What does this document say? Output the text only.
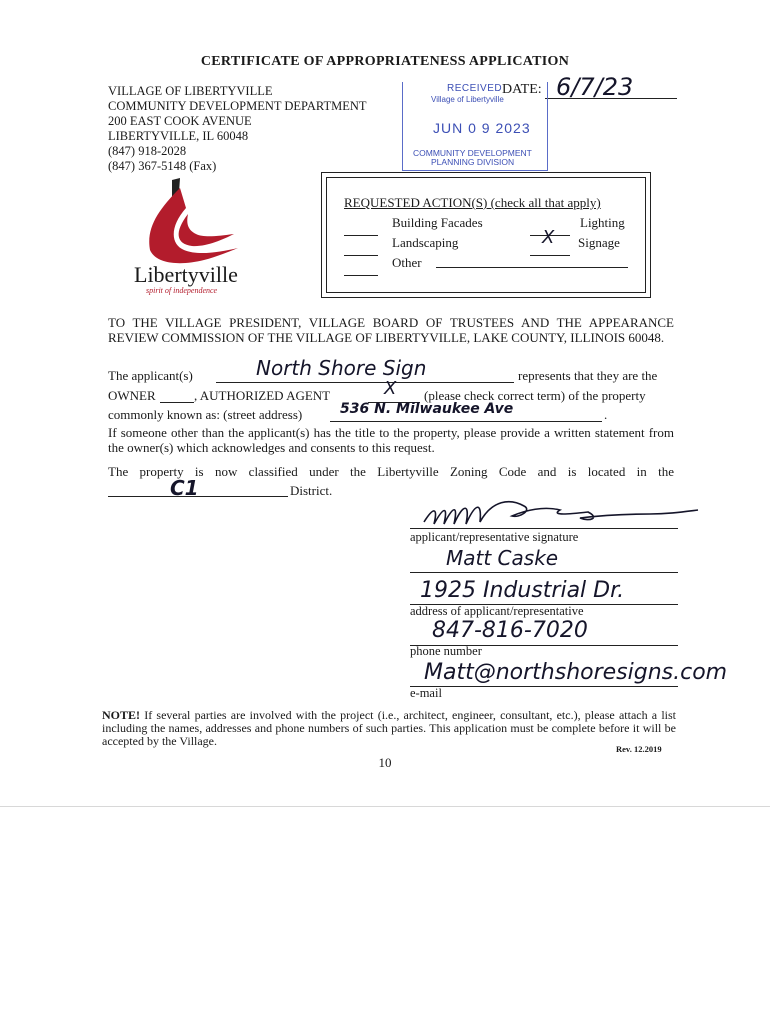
CERTIFICATE OF APPROPRIATENESS APPLICATION
VILLAGE OF LIBERTYVILLE
COMMUNITY DEVELOPMENT DEPARTMENT
200 EAST COOK AVENUE
LIBERTYVILLE, IL 60048
(847) 918-2028
(847) 367-5148 (Fax)
DATE: 6/7/23
RECEIVED
Village of Libertyville
JUN 0 9 2023
COMMUNITY DEVELOPMENT
PLANNING DIVISION
Libertyville
spirit of independence
REQUESTED ACTION(S) (check all that apply)
Building Facades	Lighting
Landscaping	X Signage
Other
TO THE VILLAGE PRESIDENT, VILLAGE BOARD OF TRUSTEES AND THE APPEARANCE REVIEW COMMISSION OF THE VILLAGE OF LIBERTYVILLE, LAKE COUNTY, ILLINOIS 60048.
The applicant(s)	North Shore Sign	represents that they are the
OWNER	, AUTHORIZED AGENT	X (please check correct term) of the property
commonly known as: (street address)	536 N. Milwaukee Ave	.
If someone other than the applicant(s) has the title to the property, please provide a written statement from the owner(s) which acknowledges and consents to this request.
The property is now classified under the Libertyville Zoning Code and is located in the
C1	District.
applicant/representative signature
Matt Caske
1925 Industrial Dr.
address of applicant/representative
847-816-7020
phone number
Matt@northshoresigns.com
e-mail
NOTE! If several parties are involved with the project (i.e., architect, engineer, consultant, etc.), please attach a list including the names, addresses and phone numbers of such parties. This application must be complete before it will be accepted by the Village.
Rev. 12.2019
10
